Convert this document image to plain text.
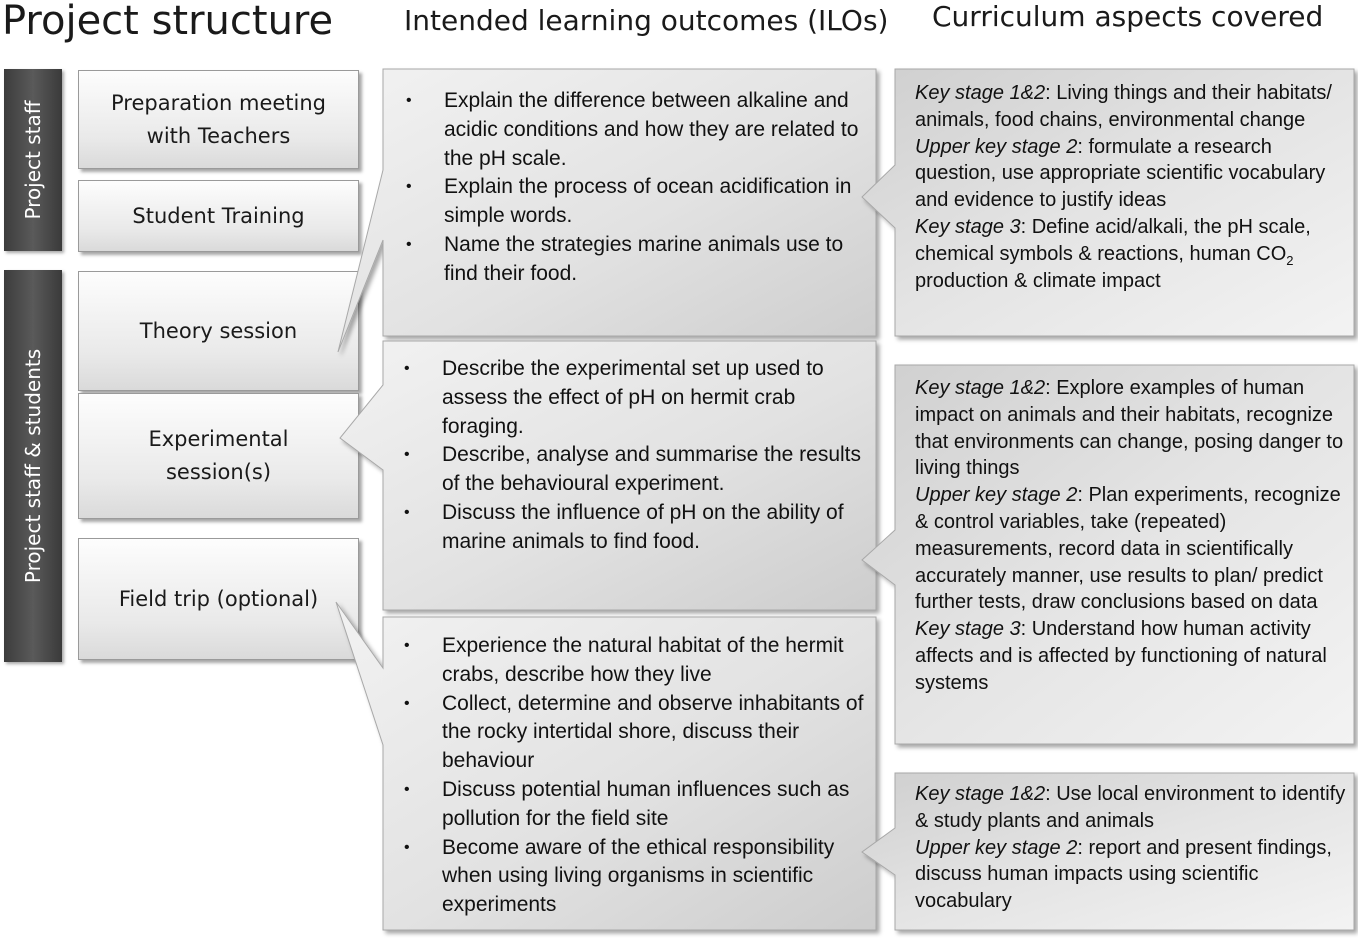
Project structure	Intended learning outcomes (ILOs) Curriculum aspects covered
Project staff
Project staff & students
Preparation meeting
with Teachers
Student Training
Theory session
Experimental
session(s)
Field trip (optional)
• Explain the difference between alkaline and acidic conditions and how they are related to the pH scale.
• Explain the process of ocean acidification in simple words.
• Name the strategies marine animals use to find their food.
• Describe the experimental set up used to assess the effect of pH on hermit crab foraging.
• Describe, analyse and summarise the results of the behavioural experiment.
• Discuss the influence of pH on the ability of marine animals to find food.
• Experience the natural habitat of the hermit crabs, describe how they live
• Collect, determine and observe inhabitants of the rocky intertidal shore, discuss their behaviour
• Discuss potential human influences such as pollution for the field site
• Become aware of the ethical responsibility when using living organisms in scientific experiments

Key stage 1&2: Living things and their habitats/ animals, food chains, environmental change

Upper key stage 2: formulate a research question, use appropriate scientific vocabulary and evidence to justify ideas

Key stage 3: Define acid/alkali, the pH scale, chemical symbols & reactions, human $CO_2$ production & climate impact

Key stage 1&2: Explore examples of human impact on animals and their habitats, recognize that environments can change, posing danger to living things

Upper key stage 2: Plan experiments, recognize & control variables, take (repeated) measurements, record data in scientifically accurately manner, use results to plan/ predict further tests, draw conclusions based on data

Key stage 3: Understand how human activity affects and is affected by functioning of natural systems

Key stage 1&2: Use local environment to identify & study plants and animals

Upper key stage 2: report and present findings, discuss human impacts using scientific vocabulary
